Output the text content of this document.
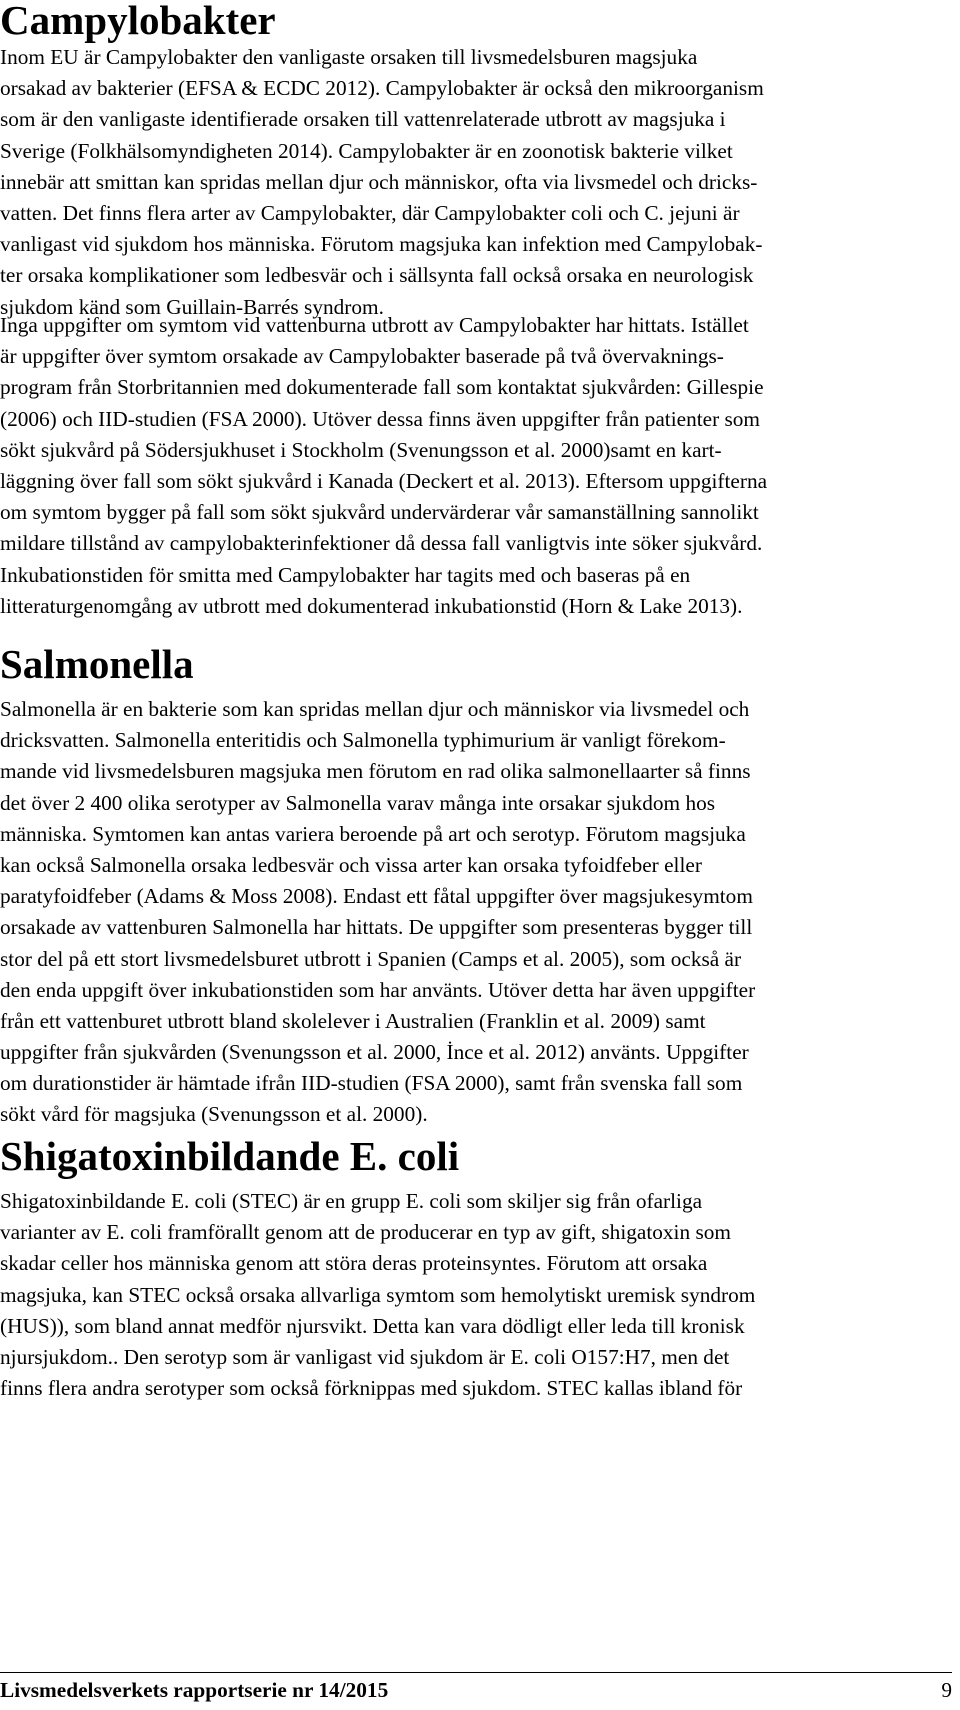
Campylobakter
Inom EU är Campylobakter den vanligaste orsaken till livsmedelsburen magsjuka
orsakad av bakterier (EFSA & ECDC 2012). Campylobakter är också den mikroorganism
som är den vanligaste identifierade orsaken till vattenrelaterade utbrott av magsjuka i
Sverige (Folkhälsomyndigheten 2014). Campylobakter är en zoonotisk bakterie vilket
innebär att smittan kan spridas mellan djur och människor, ofta via livsmedel och dricks-
vatten. Det finns flera arter av Campylobakter, där Campylobakter coli och C. jejuni är
vanligast vid sjukdom hos människa. Förutom magsjuka kan infektion med Campylobak-
ter orsaka komplikationer som ledbesvär och i sällsynta fall också orsaka en neurologisk
sjukdom känd som Guillain-Barrés syndrom.
Inga uppgifter om symtom vid vattenburna utbrott av Campylobakter har hittats. Istället
är uppgifter över symtom orsakade av Campylobakter baserade på två övervaknings-
program från Storbritannien med dokumenterade fall som kontaktat sjukvården: Gillespie
(2006) och IID-studien (FSA 2000). Utöver dessa finns även uppgifter från patienter som
sökt sjukvård på Södersjukhuset i Stockholm (Svenungsson et al. 2000)samt en kart-
läggning över fall som sökt sjukvård i Kanada (Deckert et al. 2013). Eftersom uppgifterna
om symtom bygger på fall som sökt sjukvård undervärderar vår samanställning sannolikt
mildare tillstånd av campylobakterinfektioner då dessa fall vanligtvis inte söker sjukvård.
Inkubationstiden för smitta med Campylobakter har tagits med och baseras på en
litteraturgenomgång av utbrott med dokumenterad inkubationstid (Horn & Lake 2013).
Salmonella
Salmonella är en bakterie som kan spridas mellan djur och människor via livsmedel och
dricksvatten. Salmonella enteritidis och Salmonella typhimurium är vanligt förekom-
mande vid livsmedelsburen magsjuka men förutom en rad olika salmonellaarter så finns
det över 2 400 olika serotyper av Salmonella varav många inte orsakar sjukdom hos
människa. Symtomen kan antas variera beroende på art och serotyp. Förutom magsjuka
kan också Salmonella orsaka ledbesvär och vissa arter kan orsaka tyfoidfeber eller
paratyfoidfeber (Adams & Moss 2008). Endast ett fåtal uppgifter över magsjukesymtom
orsakade av vattenburen Salmonella har hittats. De uppgifter som presenteras bygger till
stor del på ett stort livsmedelsburet utbrott i Spanien (Camps et al. 2005), som också är
den enda uppgift över inkubationstiden som har använts. Utöver detta har även uppgifter
från ett vattenburet utbrott bland skolelever i Australien (Franklin et al. 2009) samt
uppgifter från sjukvården (Svenungsson et al. 2000, İnce et al. 2012) använts. Uppgifter
om durationstider är hämtade ifrån IID-studien (FSA 2000), samt från svenska fall som
sökt vård för magsjuka (Svenungsson et al. 2000).
Shigatoxinbildande E. coli
Shigatoxinbildande E. coli (STEC) är en grupp E. coli som skiljer sig från ofarliga
varianter av E. coli framförallt genom att de producerar en typ av gift, shigatoxin som
skadar celler hos människa genom att störa deras proteinsyntes. Förutom att orsaka
magsjuka, kan STEC också orsaka allvarliga symtom som hemolytiskt uremisk syndrom
(HUS)), som bland annat medför njursvikt. Detta kan vara dödligt eller leda till kronisk
njursjukdom.. Den serotyp som är vanligast vid sjukdom är E. coli O157:H7, men det
finns flera andra serotyper som också förknippas med sjukdom. STEC kallas ibland för
Livsmedelsverkets rapportserie nr 14/2015	9
